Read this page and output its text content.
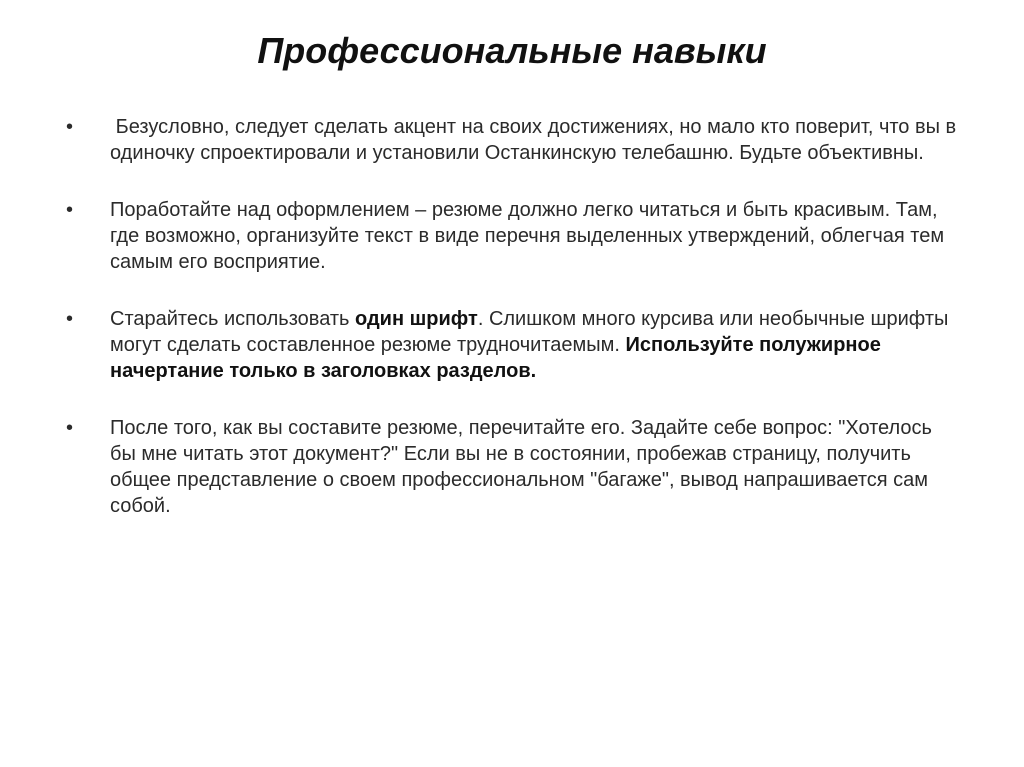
Профессиональные навыки
• Безусловно, следует сделать акцент на своих достижениях, но мало кто поверит, что вы в одиночку спроектировали и установили Останкинскую телебашню. Будьте объективны.
• Поработайте над оформлением – резюме должно легко читаться и быть красивым. Там, где возможно, организуйте текст в виде перечня выделенных утверждений, облегчая тем самым его восприятие.
• Старайтесь использовать один шрифт. Слишком много курсива или необычные шрифты могут сделать составленное резюме трудночитаемым. Используйте полужирное начертание только в заголовках разделов.
• После того, как вы составите резюме, перечитайте его. Задайте себе вопрос: "Хотелось бы мне читать этот документ?" Если вы не в состоянии, пробежав страницу, получить общее представление о своем профессиональном "багаже", вывод напрашивается сам собой.
